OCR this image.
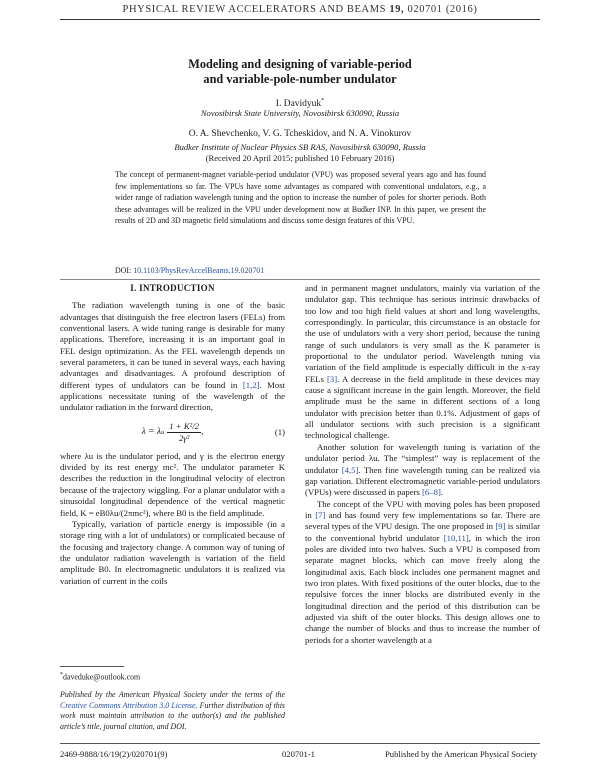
PHYSICAL REVIEW ACCELERATORS AND BEAMS 19, 020701 (2016)
Modeling and designing of variable-period
and variable-pole-number undulator
I. Davidyuk*
Novosibirsk State University, Novosibirsk 630090, Russia
O. A. Shevchenko, V. G. Tcheskidov, and N. A. Vinokurov
Budker Institute of Nuclear Physics SB RAS, Novosibirsk 630090, Russia
(Received 20 April 2015; published 10 February 2016)
The concept of permanent-magnet variable-period undulator (VPU) was proposed several years ago and has found few implementations so far. The VPUs have some advantages as compared with conventional undulators, e.g., a wider range of radiation wavelength tuning and the option to increase the number of poles for shorter periods. Both these advantages will be realized in the VPU under development now at Budker INP. In this paper, we present the results of 2D and 3D magnetic field simulations and discuss some design features of this VPU.
DOI: 10.1103/PhysRevAccelBeams.19.020701
I. INTRODUCTION

The radiation wavelength tuning is one of the basic advantages that distinguish the free electron lasers (FELs) from conventional lasers. A wide tuning range is desirable for many applications. Therefore, increasing it is an important goal in FEL design optimization. As the FEL wavelength depends on several parameters, it can be tuned in several ways, each having advantages and disadvantages. A profound description of different types of undulators can be found in [1,2]. Most applications necessitate tuning of the wavelength of the undulator radiation in the forward direction,

λ = λ u $\frac{\text{1 + K²/2}}{\text{2γ²}}$ ,	(1)

where λu is the undulator period, and γ is the electron energy divided by its rest energy mc². The undulator parameter K describes the reduction in the longitudinal velocity of electron because of the trajectory wiggling. For a planar undulator with a sinusoidal longitudinal dependence of the vertical magnetic field, K = eB0λu/(2πmc²), where B0 is the field amplitude.

Typically, variation of particle energy is impossible (in a storage ring with a lot of undulators) or complicated because of the focusing and trajectory change. A common way of tuning of the undulator radiation wavelength is variation of the field amplitude B0. In electromagnetic undulators it is realized via variation of current in the coils

and in permanent magnet undulators, mainly via variation of the undulator gap. This technique has serious intrinsic drawbacks of too low and too high field values at short and long wavelengths, correspondingly. In particular, this circumstance is an obstacle for the use of undulators with a very short period, because the tuning range of such undulators is very small as the K parameter is proportional to the undulator period. Wavelength tuning via variation of the field amplitude is especially difficult in the x-ray FELs [3]. A decrease in the field amplitude in these devices may cause a significant increase in the gain length. Moreover, the field amplitude must be the same in different sections of a long undulator with precision better than 0.1%. Adjustment of gaps of all undulator sections with such precision is a significant technological challenge.

Another solution for wavelength tuning is variation of the undulator period λu. The “simplest” way is replacement of the undulator [4,5]. Then fine wavelength tuning can be realized via gap variation. Different electromagnetic variable-period undulators (VPUs) were discussed in papers [6–8].

The concept of the VPU with moving poles has been proposed in [7] and has found very few implementations so far. There are several types of the VPU design. The one proposed in [9] is similar to the conventional hybrid undulator [10,11], in which the iron poles are divided into two halves. Such a VPU is composed from separate magnet blocks, which can move freely along the longitudinal axis. Each block includes one permanent magnet and two iron plates. With fixed positions of the outer blocks, due to the repulsive forces the inner blocks are distributed evenly in the longitudinal direction and the period of this distribution can be adjusted via shift of the outer blocks. This design allows one to change the number of blocks and thus to increase the number of periods for a shorter wavelength at a

*daveduke@outlook.com
Published by the American Physical Society under the terms of the Creative Commons Attribution 3.0 License. Further distribution of this work must maintain attribution to the author(s) and the published article’s title, journal citation, and DOI.
2469-9888/16/19(2)/020701(9)	020701-1	Published by the American Physical Society
